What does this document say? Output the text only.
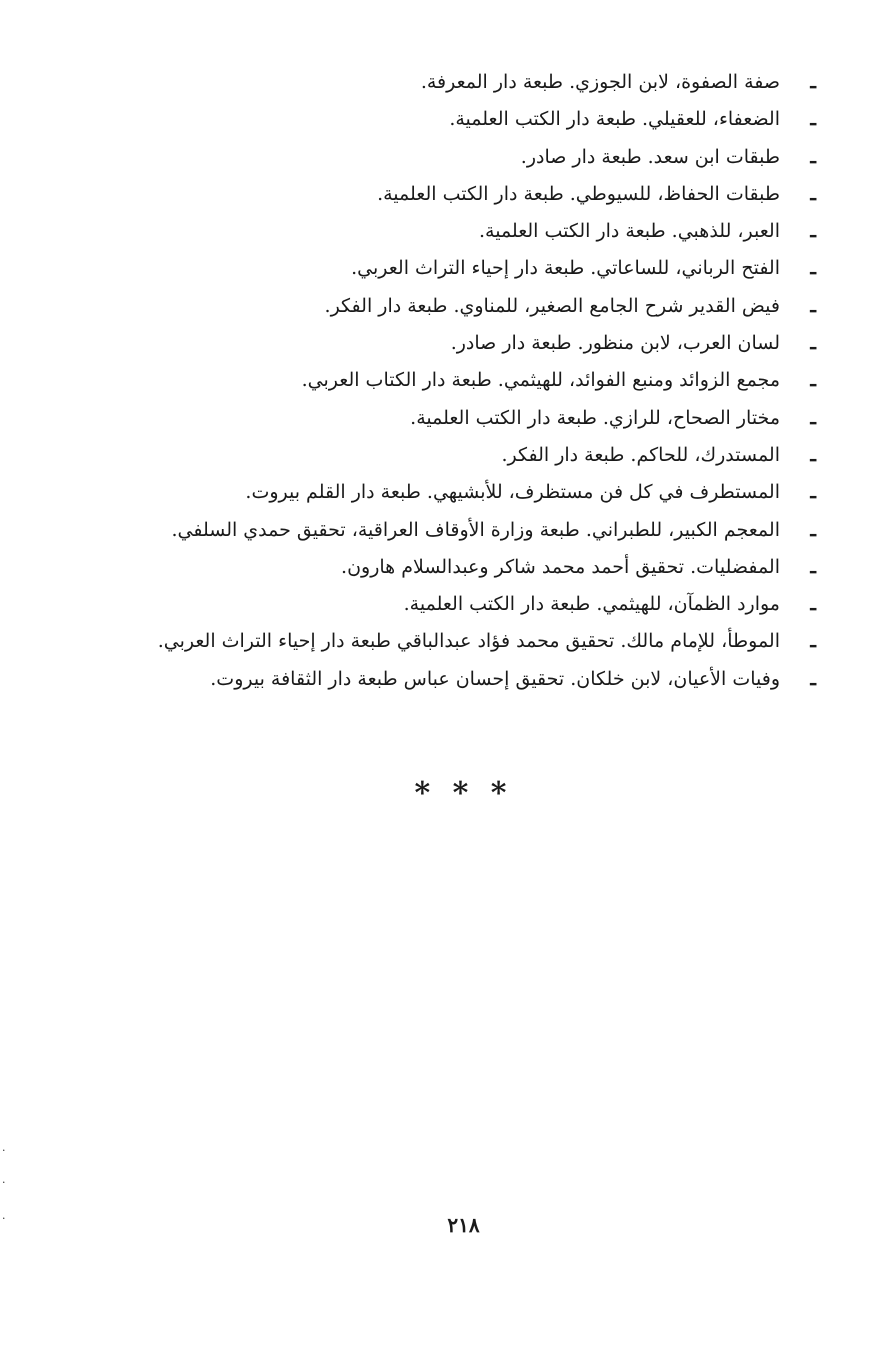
ـ
صفة الصفوة، لابن الجوزي. طبعة دار المعرفة.
ـ
الضعفاء، للعقيلي. طبعة دار الكتب العلمية.
ـ
طبقات ابن سعد. طبعة دار صادر.
ـ
طبقات الحفاظ، للسيوطي. طبعة دار الكتب العلمية.
ـ
العبر، للذهبي. طبعة دار الكتب العلمية.
ـ
الفتح الرباني، للساعاتي. طبعة دار إحياء التراث العربي.
ـ
فيض القدير شرح الجامع الصغير، للمناوي. طبعة دار الفكر.
ـ
لسان العرب، لابن منظور. طبعة دار صادر.
ـ
مجمع الزوائد ومنبع الفوائد، للهيثمي. طبعة دار الكتاب العربي.
ـ
مختار الصحاح، للرازي. طبعة دار الكتب العلمية.
ـ
المستدرك، للحاكم. طبعة دار الفكر.
ـ
المستطرف في كل فن مستظرف، للأبشيهي. طبعة دار القلم بيروت.
ـ
المعجم الكبير، للطبراني. طبعة وزارة الأوقاف العراقية، تحقيق حمدي السلفي.
ـ
المفضليات. تحقيق أحمد محمد شاكر وعبدالسلام هارون.
ـ
موارد الظمآن، للهيثمي. طبعة دار الكتب العلمية.
ـ
الموطأ، للإمام مالك. تحقيق محمد فؤاد عبدالباقي طبعة دار إحياء التراث العربي.
ـ
وفيات الأعيان، لابن خلكان. تحقيق إحسان عباس طبعة دار الثقافة بيروت.
* * *
٢١٨
·
·
·
